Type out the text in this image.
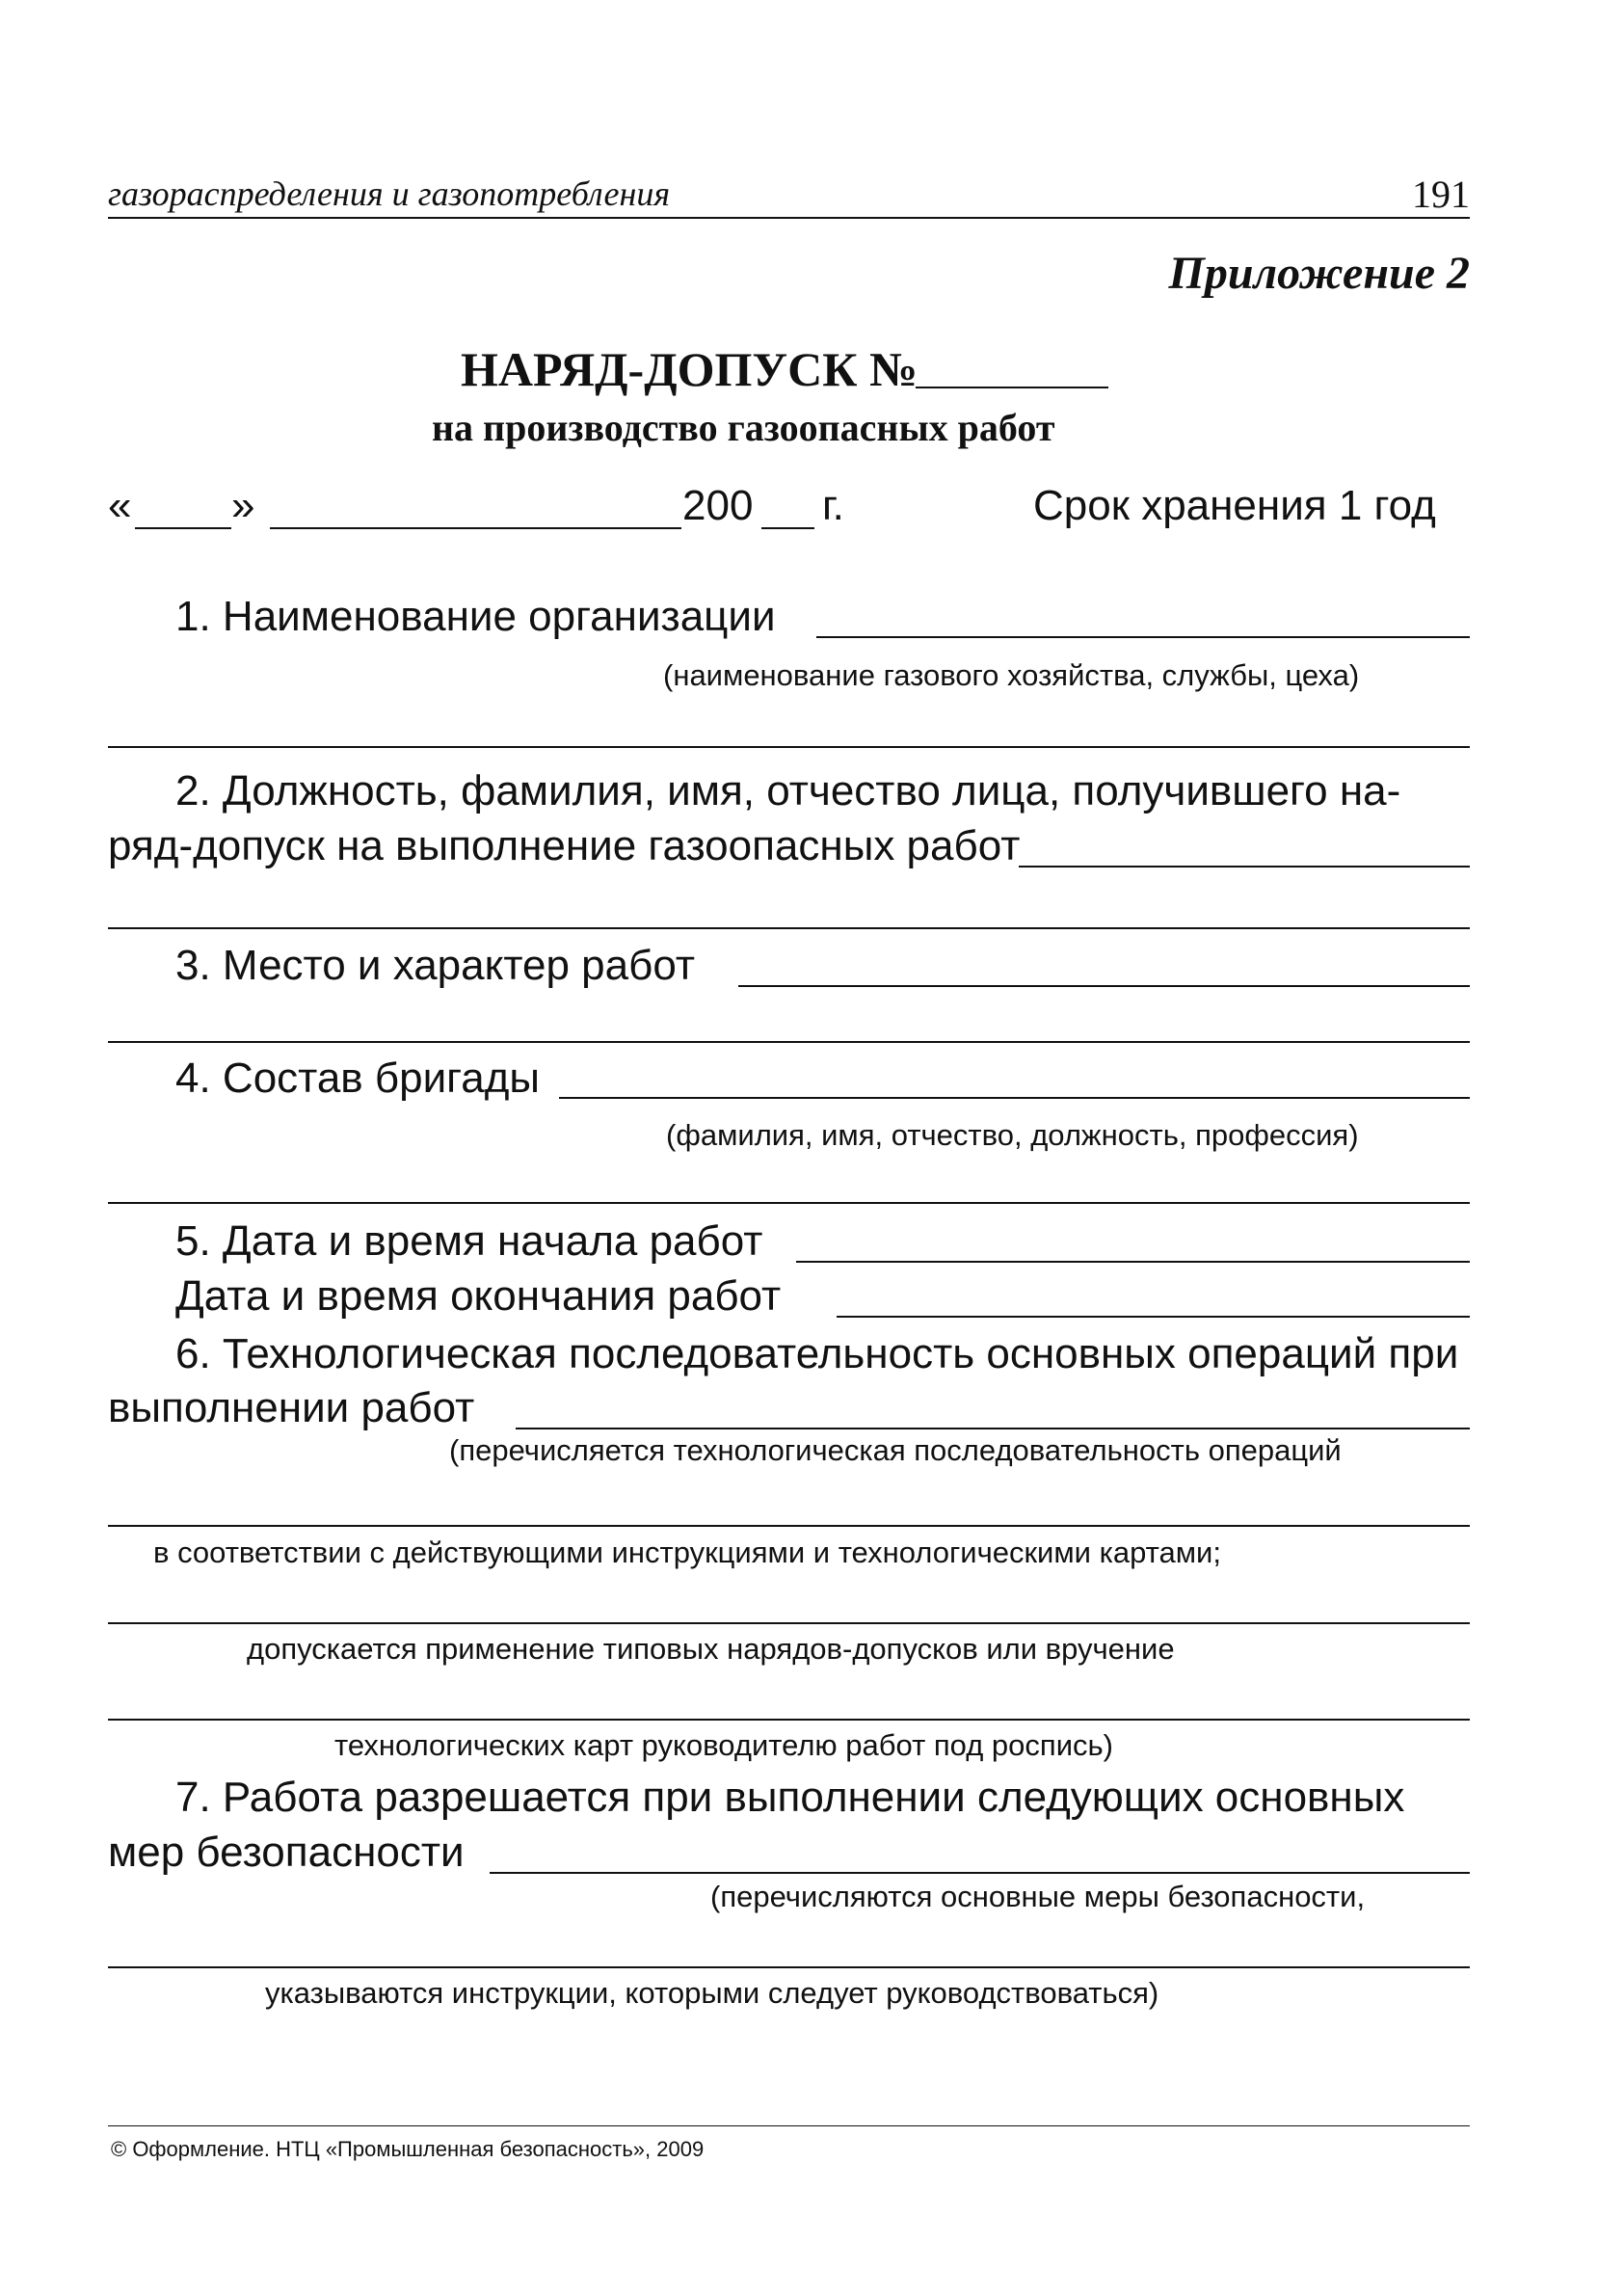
газораспределения и газопотребления	191
Приложение 2
НАРЯД-ДОПУСК №
на производство газоопасных работ
« »	200 г.	Срок хранения 1 год
1. Наименование организации
(наименование газового хозяйства, службы, цеха)
2. Должность, фамилия, имя, отчество лица, получившего на-
ряд-допуск на выполнение газоопасных работ
3. Место и характер работ
4. Состав бригады
(фамилия, имя, отчество, должность, профессия)
5. Дата и время начала работ
Дата и время окончания работ
6. Технологическая последовательность основных операций при
выполнении работ
(перечисляется технологическая последовательность операций
в соответствии с действующими инструкциями и технологическими картами;
допускается применение типовых нарядов-допусков или вручение
технологических карт руководителю работ под роспись)
7. Работа разрешается при выполнении следующих основных
мер безопасности
(перечисляются основные меры безопасности,
указываются инструкции, которыми следует руководствоваться)
© Оформление. НТЦ «Промышленная безопасность», 2009
